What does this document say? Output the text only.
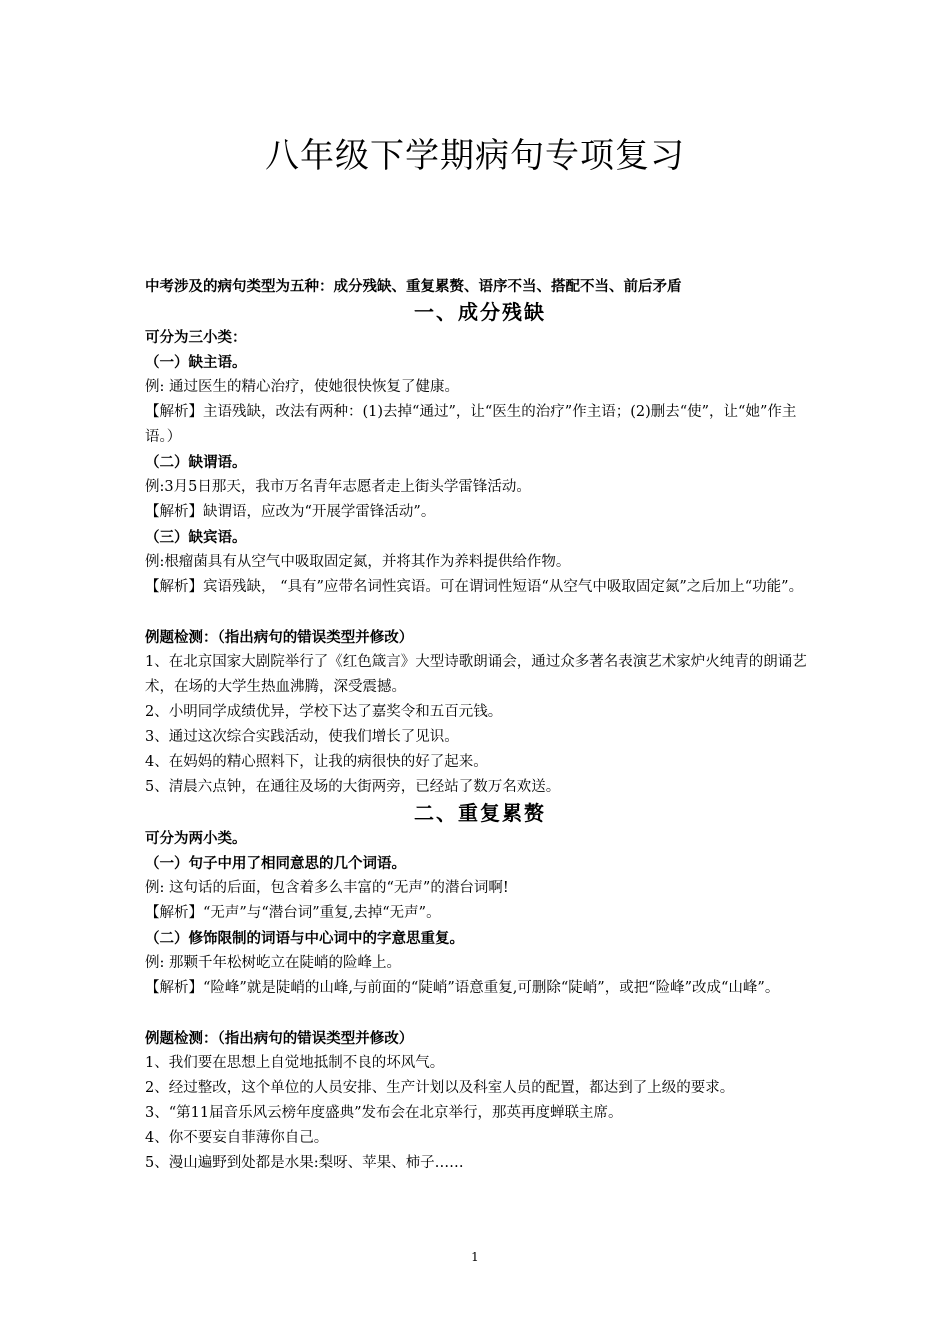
八年级下学期病句专项复习

中考涉及的病句类型为五种：成分残缺、重复累赘、语序不当、搭配不当、前后矛盾

一、成分残缺

可分为三小类：

（一）缺主语。

例: 通过医生的精心治疗，使她很快恢复了健康。

【解析】主语残缺，改法有两种：(1)去掉“通过”，让“医生的治疗”作主语；(2)删去“使”，让“她”作主语。）

（二）缺谓语。

例:3月5日那天，我市万名青年志愿者走上街头学雷锋活动。

【解析】缺谓语，应改为“开展学雷锋活动”。

（三）缺宾语。

例:根瘤菌具有从空气中吸取固定氮，并将其作为养料提供给作物。

【解析】宾语残缺， “具有”应带名词性宾语。可在谓词性短语“从空气中吸取固定氮”之后加上“功能”。

例题检测：（指出病句的错误类型并修改）

1、在北京国家大剧院举行了《红色箴言》大型诗歌朗诵会，通过众多著名表演艺术家炉火纯青的朗诵艺术，在场的大学生热血沸腾，深受震撼。

2、小明同学成绩优异，学校下达了嘉奖令和五百元钱。

3、通过这次综合实践活动，使我们增长了见识。

4、在妈妈的精心照料下，让我的病很快的好了起来。

5、清晨六点钟，在通往及场的大街两旁，已经站了数万名欢送。

二、重复累赘

可分为两小类。

（一）句子中用了相同意思的几个词语。

例: 这句话的后面，包含着多么丰富的“无声”的潜台词啊!

【解析】“无声”与“潜台词”重复,去掉“无声”。

（二）修饰限制的词语与中心词中的字意思重复。

例: 那颗千年松树屹立在陡峭的险峰上。

【解析】“险峰”就是陡峭的山峰,与前面的“陡峭”语意重复,可删除“陡峭”，或把“险峰”改成“山峰”。

例题检测：（指出病句的错误类型并修改）

1、我们要在思想上自觉地抵制不良的坏风气。

2、经过整改，这个单位的人员安排、生产计划以及科室人员的配置，都达到了上级的要求。

3、“第11届音乐风云榜年度盛典”发布会在北京举行，那英再度蝉联主席。

4、你不要妄自菲薄你自己。

5、漫山遍野到处都是水果:梨呀、苹果、柿子……

1
